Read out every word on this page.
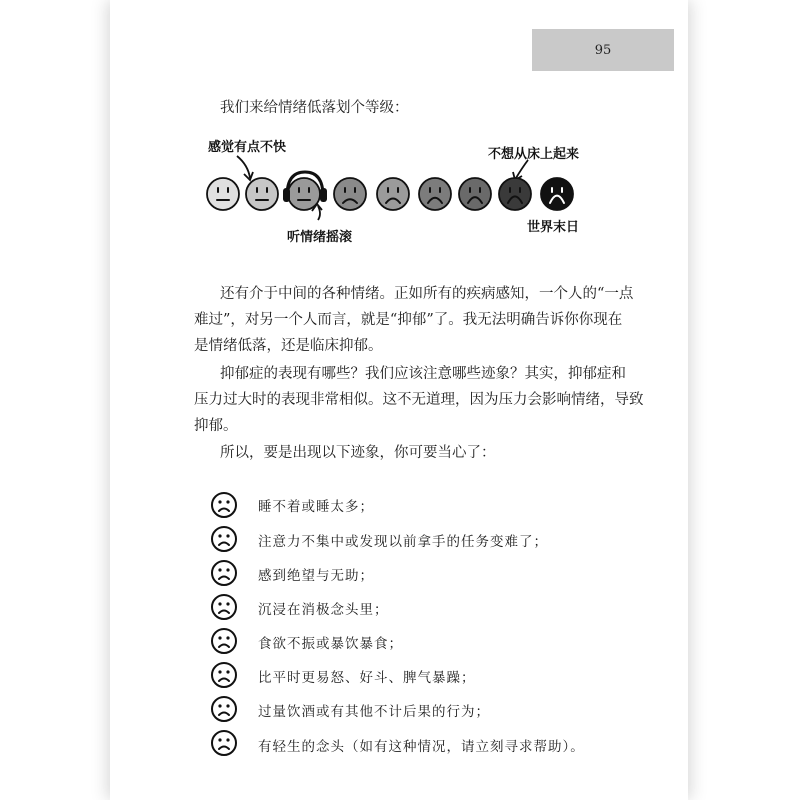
95
我们来给情绪低落划个等级：
感觉有点不快	不想从床上起来
听情绪摇滚
世界末日
还有介于中间的各种情绪。正如所有的疾病感知，一个人的“一点
难过”，对另一个人而言，就是“抑郁”了。我无法明确告诉你你现在
是情绪低落，还是临床抑郁。
抑郁症的表现有哪些？我们应该注意哪些迹象？其实，抑郁症和
压力过大时的表现非常相似。这不无道理，因为压力会影响情绪，导致
抑郁。
所以，要是出现以下迹象，你可要当心了：
睡不着或睡太多；
注意力不集中或发现以前拿手的任务变难了；
感到绝望与无助；
沉浸在消极念头里；
食欲不振或暴饮暴食；
比平时更易怒、好斗、脾气暴躁；
过量饮酒或有其他不计后果的行为；
有轻生的念头（如有这种情况，请立刻寻求帮助）。
